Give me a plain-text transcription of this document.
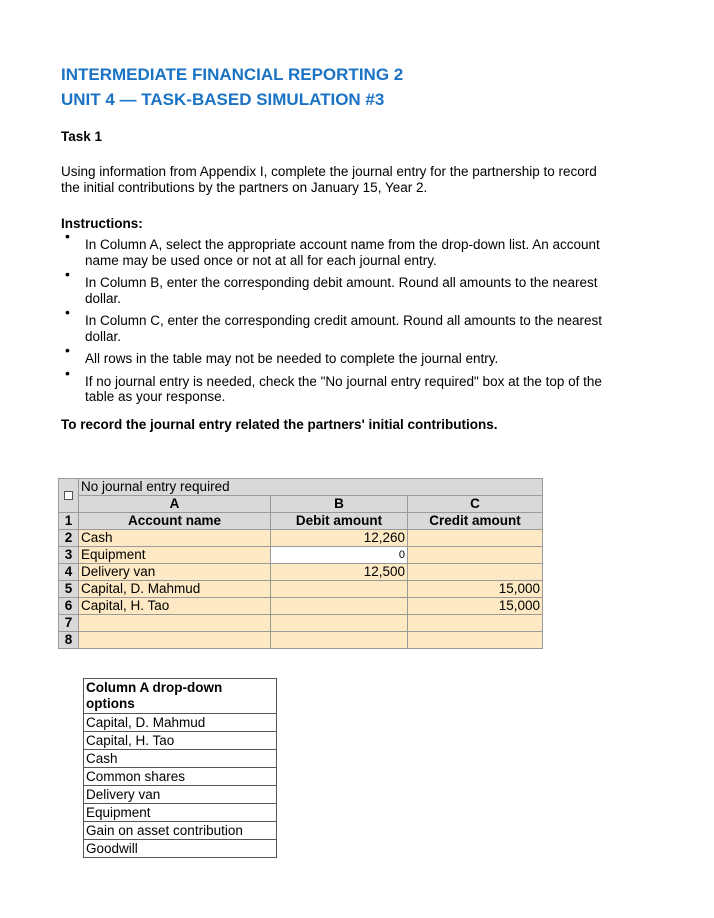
INTERMEDIATE FINANCIAL REPORTING 2
UNIT 4 — TASK-BASED SIMULATION #3
Task 1
Using information from Appendix I, complete the journal entry for the partnership to record the initial contributions by the partners on January 15, Year 2.
Instructions:
•
In Column A, select the appropriate account name from the drop-down list. An account name may be used once or not at all for each journal entry.
•
In Column B, enter the corresponding debit amount. Round all amounts to the nearest dollar.
•
In Column C, enter the corresponding credit amount. Round all amounts to the nearest dollar.
•
All rows in the table may not be needed to complete the journal entry.
•
If no journal entry is needed, check the "No journal entry required" box at the top of the table as your response.
To record the journal entry related the partners' initial contributions.
	No journal entry required		
	A	B	C
1	Account name	Debit amount	Credit amount
2	Cash	12,260	
3	Equipment	0	
4	Delivery van	12,500	
5	Capital, D. Mahmud		15,000
6	Capital, H. Tao		15,000
7			
8			
Column A drop-down options
Capital, D. Mahmud
Capital, H. Tao
Cash
Common shares
Delivery van
Equipment
Gain on asset contribution
Goodwill
